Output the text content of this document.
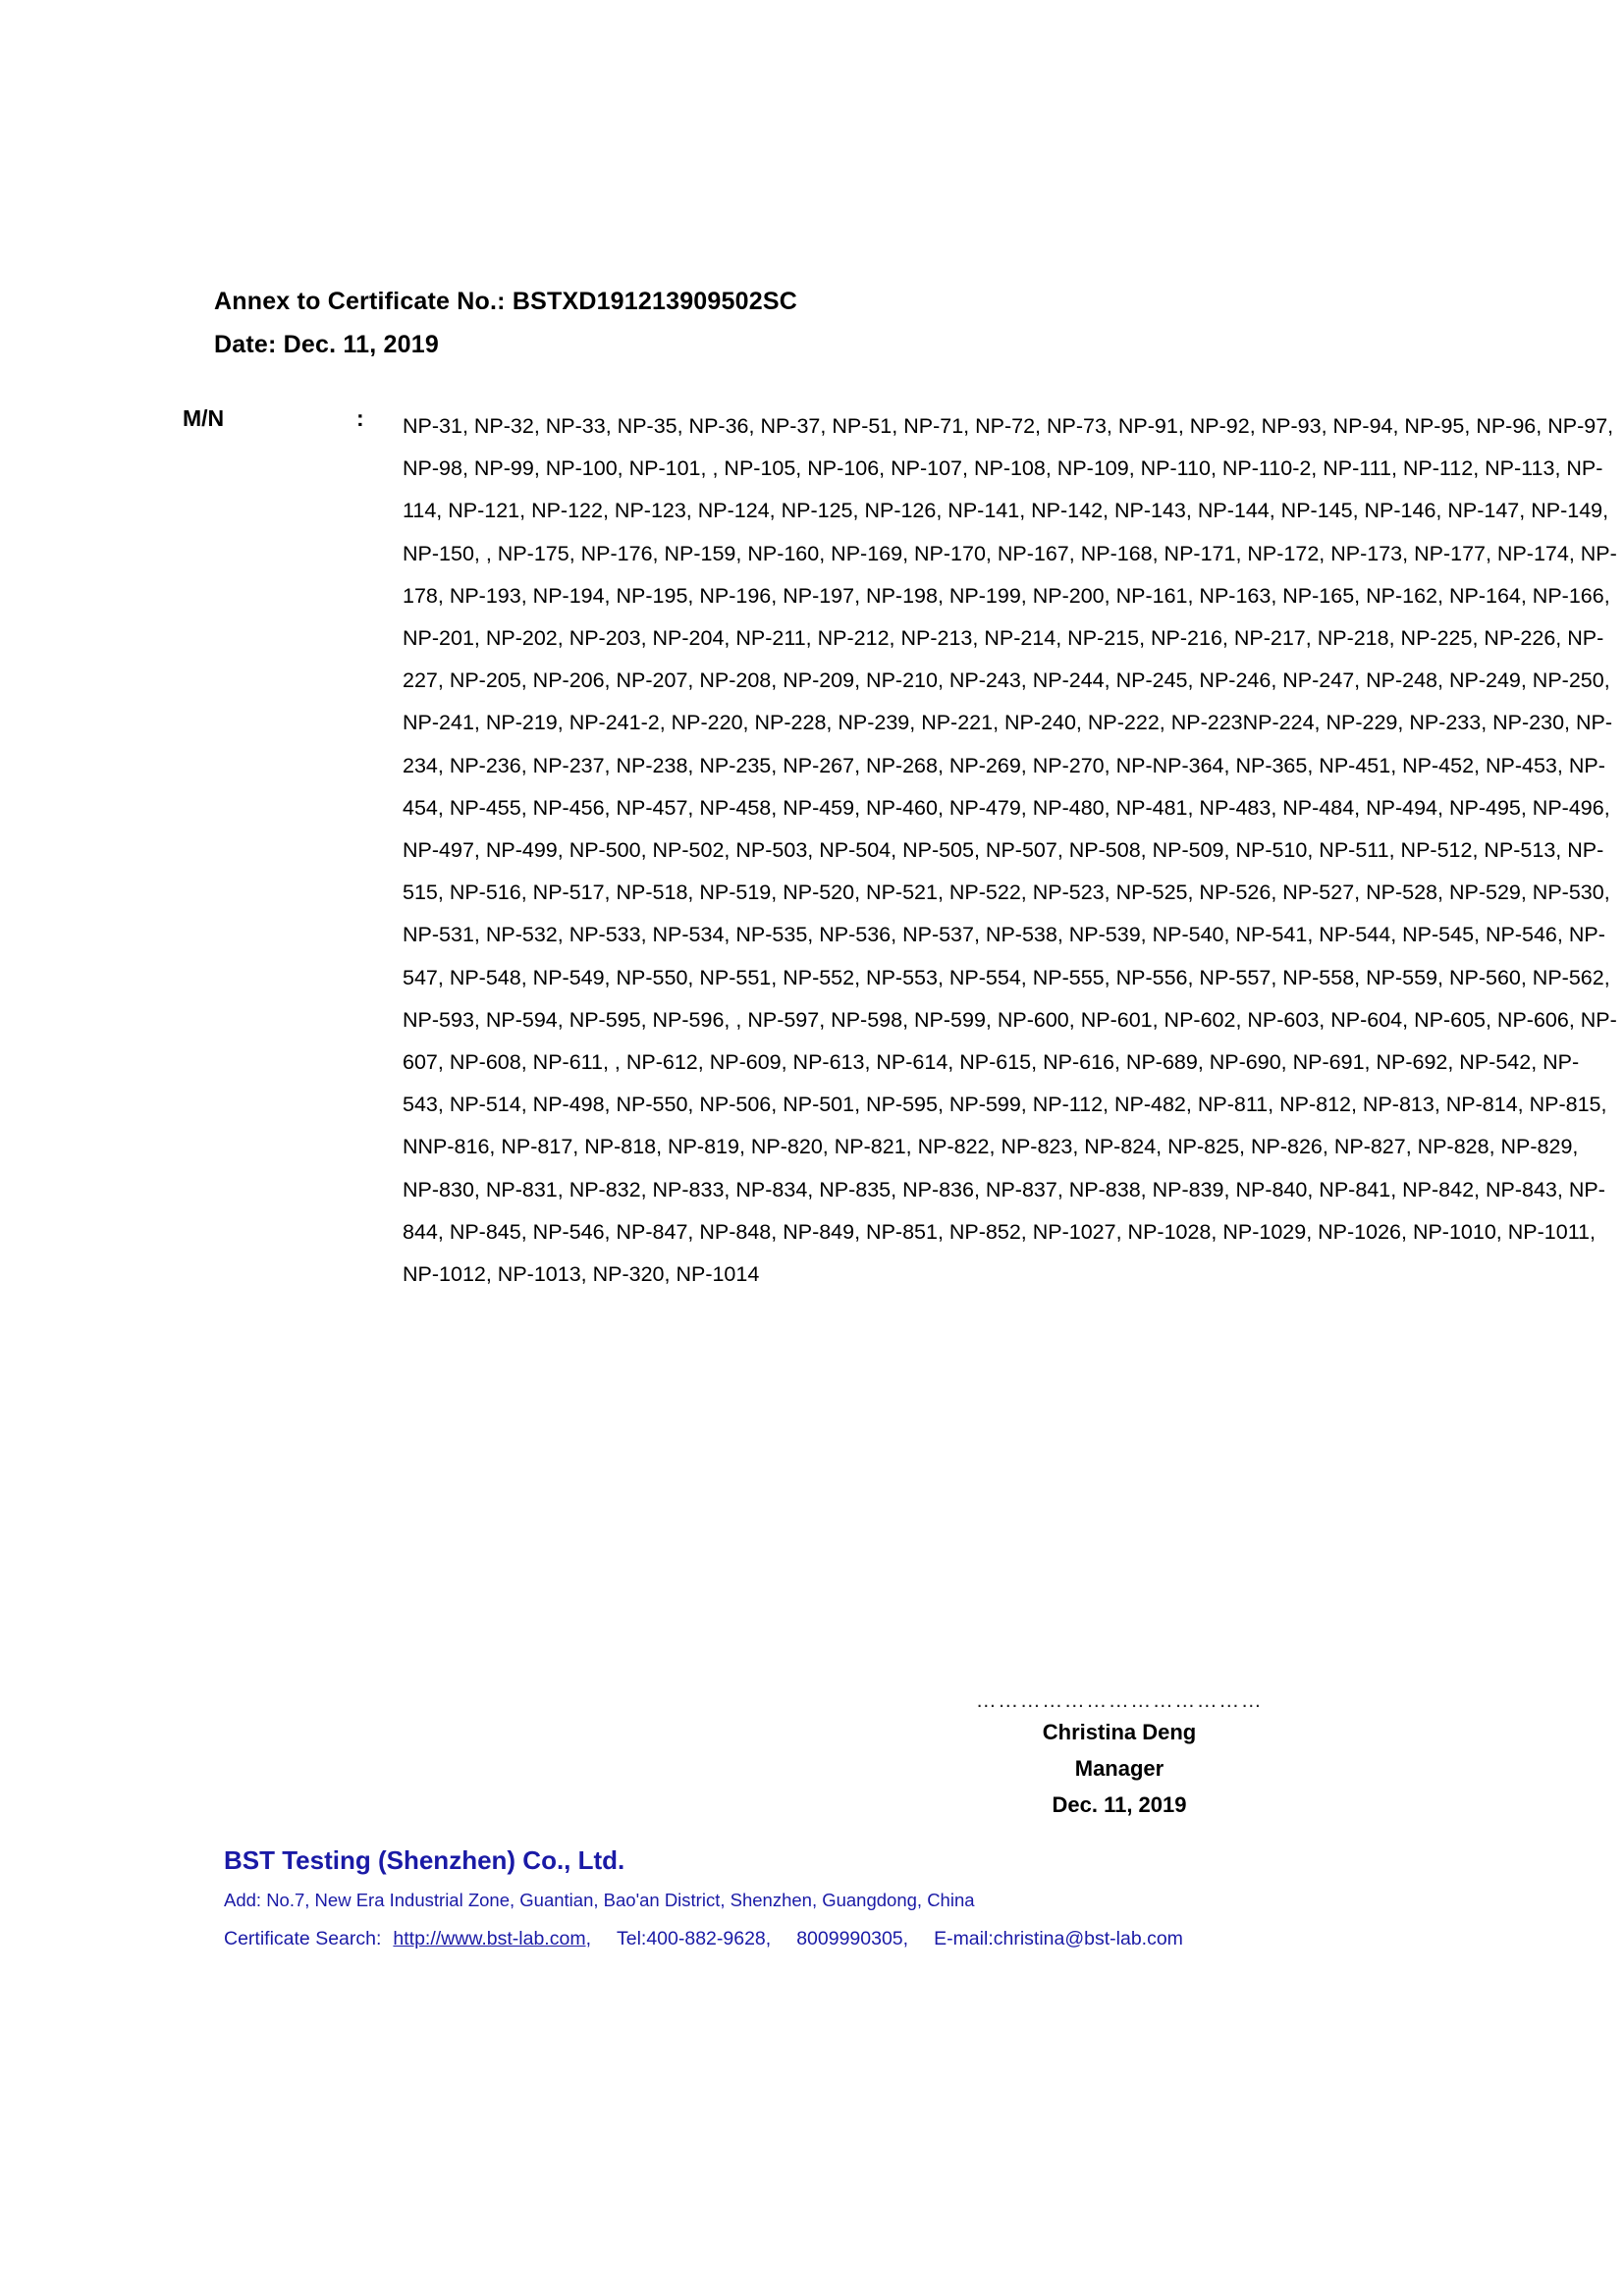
Annex to Certificate No.: BSTXD191213909502SC
Date: Dec. 11, 2019
M/N	: NP-31, NP-32, NP-33, NP-35, NP-36, NP-37, NP-51, NP-71, NP-72, NP-73, NP-91, NP-92, NP-93, NP-94, NP-95, NP-96, NP-97, NP-98, NP-99, NP-100, NP-101, , NP-105, NP-106, NP-107, NP-108, NP-109, NP-110, NP-110-2, NP-111, NP-112, NP-113, NP-114, NP-121, NP-122, NP-123, NP-124, NP-125, NP-126, NP-141, NP-142, NP-143, NP-144, NP-145, NP-146, NP-147, NP-149, NP-150, , NP-175, NP-176, NP-159, NP-160, NP-169, NP-170, NP-167, NP-168, NP-171, NP-172, NP-173, NP-177, NP-174, NP-178, NP-193, NP-194, NP-195, NP-196, NP-197, NP-198, NP-199, NP-200, NP-161, NP-163, NP-165, NP-162, NP-164, NP-166, NP-201, NP-202, NP-203, NP-204, NP-211, NP-212, NP-213, NP-214, NP-215, NP-216, NP-217, NP-218, NP-225, NP-226, NP-227, NP-205, NP-206, NP-207, NP-208, NP-209, NP-210, NP-243, NP-244, NP-245, NP-246, NP-247, NP-248, NP-249, NP-250, NP-241, NP-219, NP-241-2, NP-220, NP-228, NP-239, NP-221, NP-240, NP-222, NP-223NP-224, NP-229, NP-233, NP-230, NP-234, NP-236, NP-237, NP-238, NP-235, NP-267, NP-268, NP-269, NP-270, NP-NP-364, NP-365, NP-451, NP-452, NP-453, NP-454, NP-455, NP-456, NP-457, NP-458, NP-459, NP-460, NP-479, NP-480, NP-481, NP-483, NP-484, NP-494, NP-495, NP-496, NP-497, NP-499, NP-500, NP-502, NP-503, NP-504, NP-505, NP-507, NP-508, NP-509, NP-510, NP-511, NP-512, NP-513, NP-515, NP-516, NP-517, NP-518, NP-519, NP-520, NP-521, NP-522, NP-523, NP-525, NP-526, NP-527, NP-528, NP-529, NP-530, NP-531, NP-532, NP-533, NP-534, NP-535, NP-536, NP-537, NP-538, NP-539, NP-540, NP-541, NP-544, NP-545, NP-546, NP-547, NP-548, NP-549, NP-550, NP-551, NP-552, NP-553, NP-554, NP-555, NP-556, NP-557, NP-558, NP-559, NP-560, NP-562, NP-593, NP-594, NP-595, NP-596, , NP-597, NP-598, NP-599, NP-600, NP-601, NP-602, NP-603, NP-604, NP-605, NP-606, NP-607, NP-608, NP-611, , NP-612, NP-609, NP-613, NP-614, NP-615, NP-616, NP-689, NP-690, NP-691, NP-692, NP-542, NP-543, NP-514, NP-498, NP-550, NP-506, NP-501, NP-595, NP-599, NP-112, NP-482, NP-811, NP-812, NP-813, NP-814, NP-815, NNP-816, NP-817, NP-818, NP-819, NP-820, NP-821, NP-822, NP-823, NP-824, NP-825, NP-826, NP-827, NP-828, NP-829, NP-830, NP-831, NP-832, NP-833, NP-834, NP-835, NP-836, NP-837, NP-838, NP-839, NP-840, NP-841, NP-842, NP-843, NP-844, NP-845, NP-546, NP-847, NP-848, NP-849, NP-851, NP-852, NP-1027, NP-1028, NP-1029, NP-1026, NP-1010, NP-1011, NP-1012, NP-1013, NP-320, NP-1014
…………………………………
Christina Deng
Manager
Dec. 11, 2019
BST Testing (Shenzhen) Co., Ltd.
Add: No.7, New Era Industrial Zone, Guantian, Bao'an District, Shenzhen, Guangdong, China
Certificate Search: http://www.bst-lab.com, Tel:400-882-9628, 8009990305, E-mail:christina@bst-lab.com
